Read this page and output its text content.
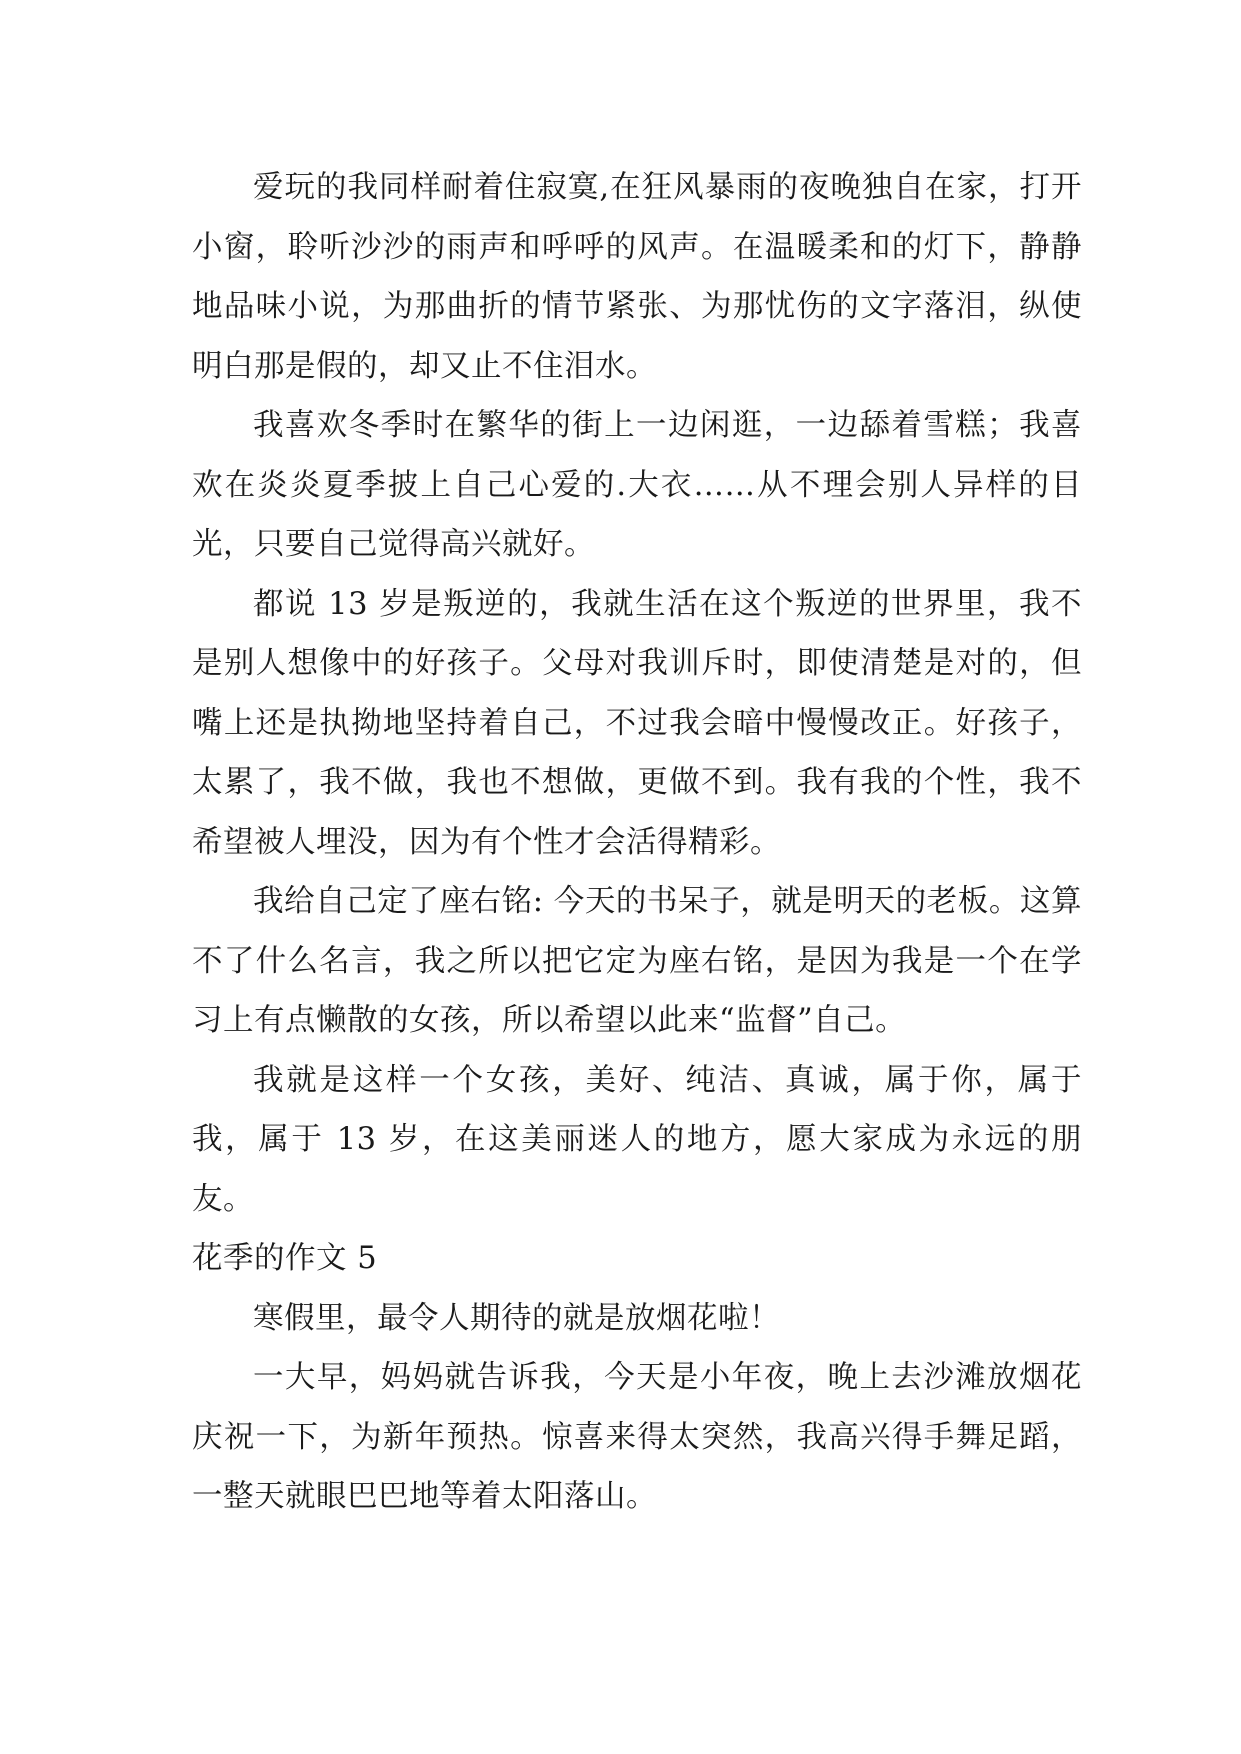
爱玩的我同样耐着住寂寞,在狂风暴雨的夜晚独自在家，打开小窗，聆听沙沙的雨声和呼呼的风声。在温暖柔和的灯下，静静地品味小说，为那曲折的情节紧张、为那忧伤的文字落泪，纵使明白那是假的，却又止不住泪水。

我喜欢冬季时在繁华的街上一边闲逛，一边舔着雪糕；我喜欢在炎炎夏季披上自己心爱的.大衣……从不理会别人异样的目光，只要自己觉得高兴就好。

都说 13 岁是叛逆的，我就生活在这个叛逆的世界里，我不是别人想像中的好孩子。父母对我训斥时，即使清楚是对的，但嘴上还是执拗地坚持着自己，不过我会暗中慢慢改正。好孩子，太累了，我不做，我也不想做，更做不到。我有我的个性，我不希望被人埋没，因为有个性才会活得精彩。

我给自己定了座右铭: 今天的书呆子，就是明天的老板。这算不了什么名言，我之所以把它定为座右铭，是因为我是一个在学习上有点懒散的女孩，所以希望以此来“监督”自己。

我就是这样一个女孩，美好、纯洁、真诚，属于你，属于我，属于 13 岁，在这美丽迷人的地方，愿大家成为永远的朋友。

花季的作文 5

寒假里，最令人期待的就是放烟花啦！

一大早，妈妈就告诉我，今天是小年夜，晚上去沙滩放烟花庆祝一下，为新年预热。惊喜来得太突然，我高兴得手舞足蹈，一整天就眼巴巴地等着太阳落山。
